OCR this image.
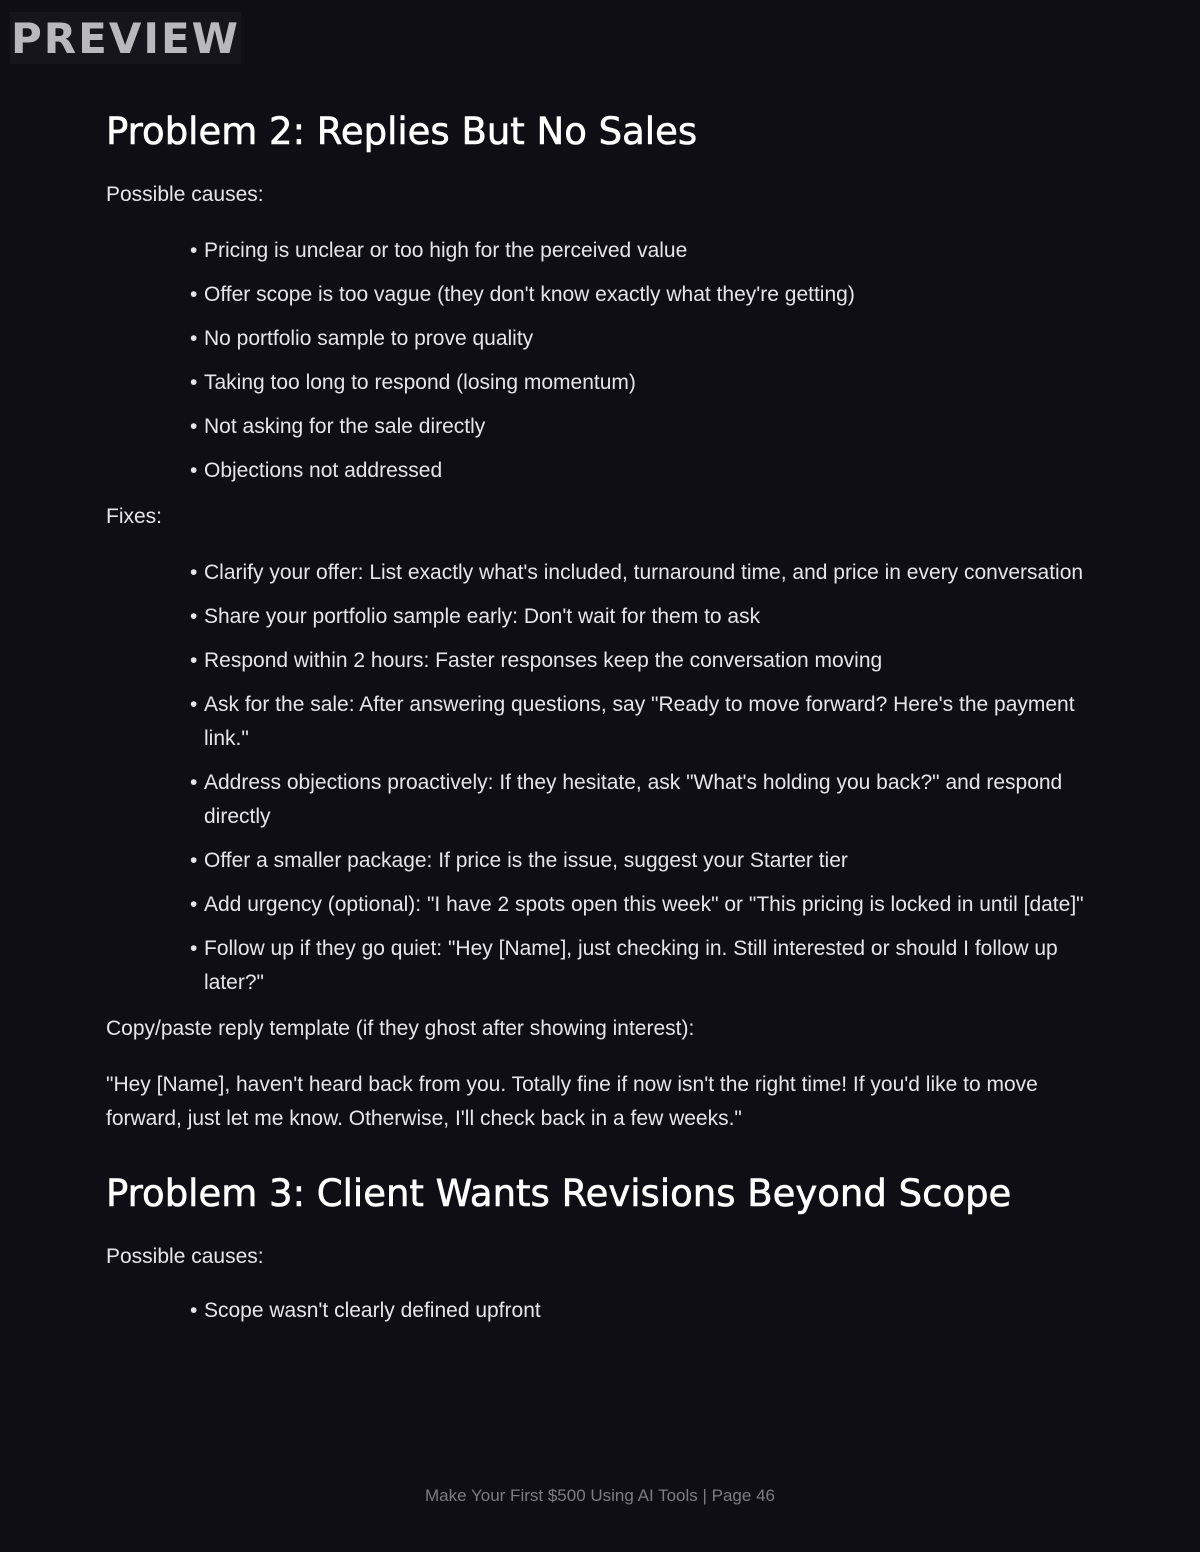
PREVIEW
Problem 2: Replies But No Sales

Possible causes:

• Pricing is unclear or too high for the perceived value
• Offer scope is too vague (they don't know exactly what they're getting)
• No portfolio sample to prove quality
• Taking too long to respond (losing momentum)
• Not asking for the sale directly
• Objections not addressed

Fixes:

• Clarify your offer: List exactly what's included, turnaround time, and price in every conversation
• Share your portfolio sample early: Don't wait for them to ask
• Respond within 2 hours: Faster responses keep the conversation moving
• Ask for the sale: After answering questions, say "Ready to move forward? Here's the payment link."
• Address objections proactively: If they hesitate, ask "What's holding you back?" and respond directly
• Offer a smaller package: If price is the issue, suggest your Starter tier
• Add urgency (optional): "I have 2 spots open this week" or "This pricing is locked in until [date]"
• Follow up if they go quiet: "Hey [Name], just checking in. Still interested or should I follow up later?"

Copy/paste reply template (if they ghost after showing interest):

"Hey [Name], haven't heard back from you. Totally fine if now isn't the right time! If you'd like to move forward, just let me know. Otherwise, I'll check back in a few weeks."

Problem 3: Client Wants Revisions Beyond Scope

Possible causes:

• Scope wasn't clearly defined upfront
Make Your First $500 Using AI Tools | Page 46
